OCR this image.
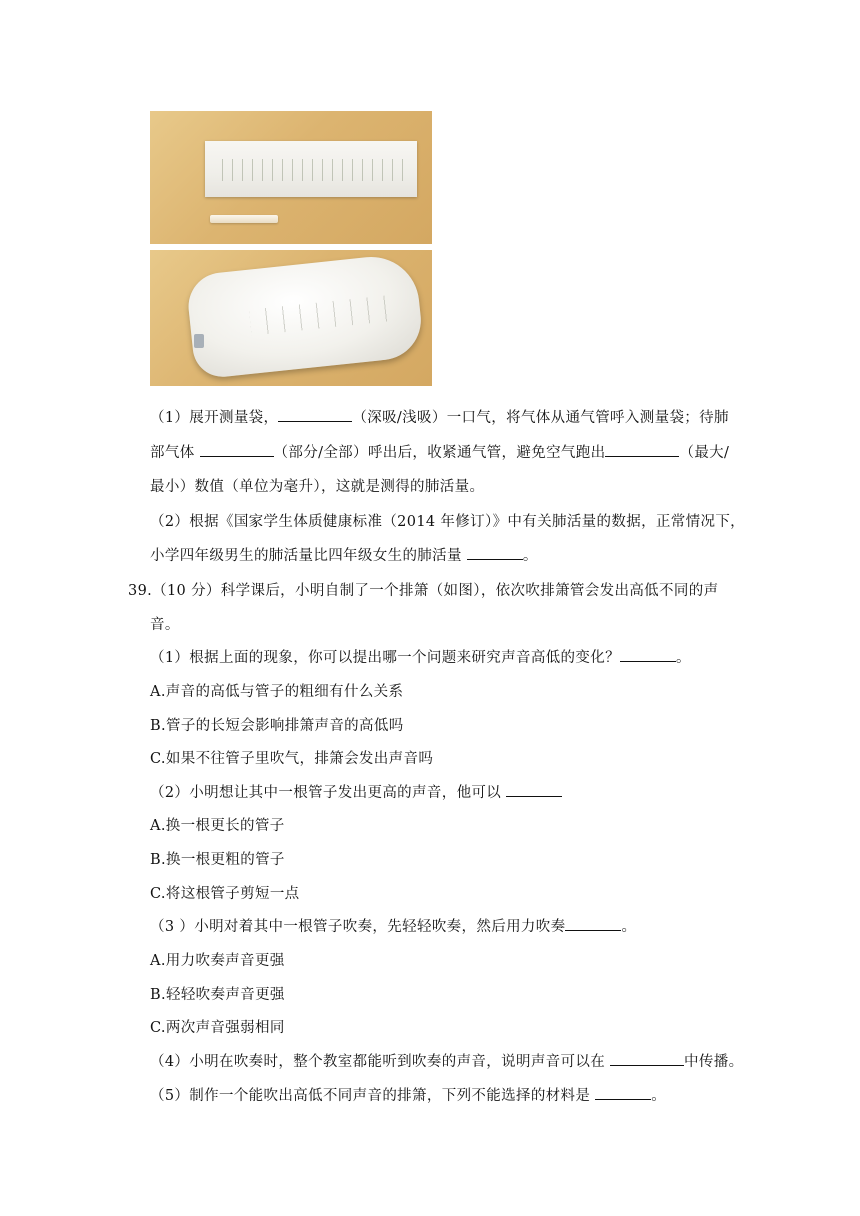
（1）展开测量袋，	（深吸/浅吸）一口气，将气体从通气管呼入测量袋；待肺
部气体	（部分/全部）呼出后，收紧通气管，避免空气跑出	（最大/
最小）数值（单位为毫升），这就是测得的肺活量。
（2）根据《国家学生体质健康标准（2014 年修订）》中有关肺活量的数据，正常情况下，
小学四年级男生的肺活量比四年级女生的肺活量	。
39.（10 分）科学课后，小明自制了一个排箫（如图），依次吹排箫管会发出高低不同的声
音。
（1）根据上面的现象，你可以提出哪一个问题来研究声音高低的变化？	。
A.声音的高低与管子的粗细有什么关系
B.管子的长短会影响排箫声音的高低吗
C.如果不往管子里吹气，排箫会发出声音吗
（2）小明想让其中一根管子发出更高的声音，他可以
A.换一根更长的管子
B.换一根更粗的管子
C.将这根管子剪短一点
（3 ）小明对着其中一根管子吹奏，先轻轻吹奏，然后用力吹奏	。
A.用力吹奏声音更强
B.轻轻吹奏声音更强
C.两次声音强弱相同
（4）小明在吹奏时，整个教室都能听到吹奏的声音，说明声音可以在	中传播。
（5）制作一个能吹出高低不同声音的排箫，下列不能选择的材料是	。
